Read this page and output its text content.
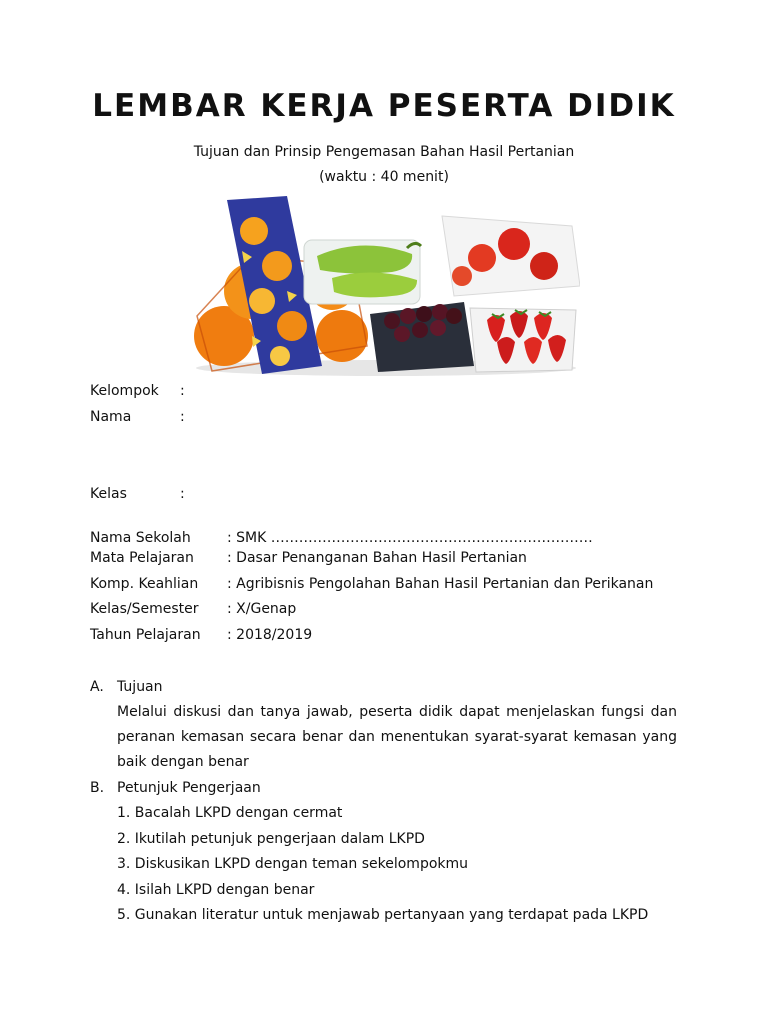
LEMBAR KERJA PESERTA DIDIK
Tujuan dan Prinsip Pengemasan Bahan Hasil Pertanian
(waktu : 40 menit)
Kelompok :
Nama	:
Kelas	:
Nama Sekolah	: SMK ……………………………………………………………
Mata Pelajaran : Dasar Penanganan Bahan Hasil Pertanian
Komp. Keahlian : Agribisnis Pengolahan Bahan Hasil Pertanian dan Perikanan
Kelas/Semester : X/Genap
Tahun Pelajaran : 2018/2019
A. Tujuan
Melalui diskusi dan tanya jawab, peserta didik dapat menjelaskan fungsi dan peranan kemasan secara benar dan menentukan syarat-syarat kemasan yang baik dengan benar
B. Petunjuk Pengerjaan
1. Bacalah LKPD dengan cermat
2. Ikutilah petunjuk pengerjaan dalam LKPD
3. Diskusikan LKPD dengan teman sekelompokmu
4. Isilah LKPD dengan benar
5. Gunakan literatur untuk menjawab pertanyaan yang terdapat pada LKPD
